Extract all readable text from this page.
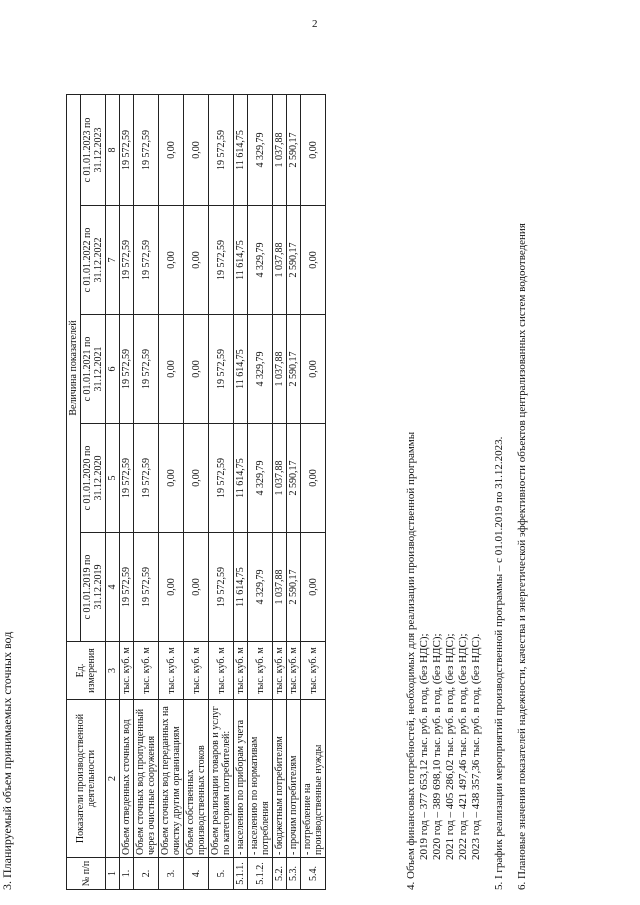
2
3. Планируемый объем принимаемых сточных вод	№ п/п	Показатели производственной деятельности	Ед. измерения	Величина показателей				
			с 01.01.2019 по 31.12.2019	с 01.01.2020 по 31.12.2020	с 01.01.2021 по 31.12.2021	с 01.01.2022 по 31.12.2022	с 01.01.2023 по 31.12.2023
1	2	3	4	5	6	7	8
1.	Объем отведенных сточных вод	тыс. куб. м	19 572,59	19 572,59	19 572,59	19 572,59	19 572,59
2.	Объем сточных вод пропущенный через очистные сооружения	тыс. куб. м	19 572,59	19 572,59	19 572,59	19 572,59	19 572,59
3.	Объем сточных вод переданных на очистку другим организациям	тыс. куб. м	0,00	0,00	0,00	0,00	0,00
4.	Объем собственных производственных стоков	тыс. куб. м	0,00	0,00	0,00	0,00	0,00
5.	Объем реализации товаров и услуг по категориям потребителей:	тыс. куб. м	19 572,59	19 572,59	19 572,59	19 572,59	19 572,59
5.1.1.	- населению по приборам учета	тыс. куб. м	11 614,75	11 614,75	11 614,75	11 614,75	11 614,75
5.1.2.	- населению по нормативам потребления	тыс. куб. м	4 329,79	4 329,79	4 329,79	4 329,79	4 329,79
5.2.	- бюджетным потребителям	тыс. куб. м	1 037,88	1 037,88	1 037,88	1 037,88	1 037,88
5.3.	- прочим потребителям	тыс. куб. м	2 590,17	2 590,17	2 590,17	2 590,17	2 590,17
5.4.	- потребление на производственные нужды	тыс. куб. м	0,00	0,00	0,00	0,00	0,00

4. Объем финансовых потребностей, необходимых для реализации производственной программы 2019 год – 377 653,12 тыс. руб. в год, (без НДС); 2020 год – 389 698,10 тыс. руб. в год, (без НДС); 2021 год – 405 286,02 тыс. руб. в год, (без НДС); 2022 год – 421 497,46 тыс. руб. в год, (без НДС); 2023 год – 438 357,36 тыс. руб. в год, (без НДС). 5. I график реализации мероприятий производственной программы – с 01.01.2019 по 31.12.2023. 6. Плановые значения показателей надежности, качества и энергетической эффективности объектов централизованных систем водоотведения
